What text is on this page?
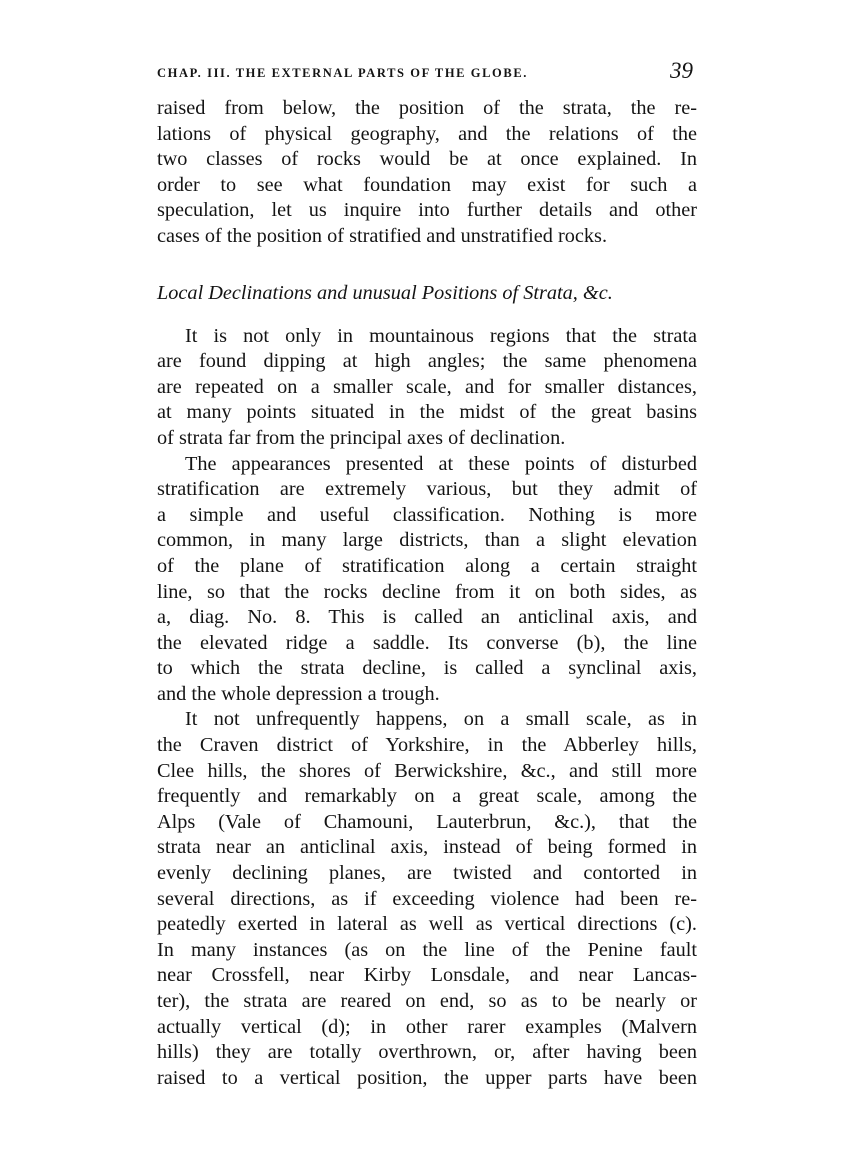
CHAP. III. THE EXTERNAL PARTS OF THE GLOBE.	39
raised from below, the position of the strata, the re-
lations of physical geography, and the relations of the
two classes of rocks would be at once explained. In
order to see what foundation may exist for such a
speculation, let us inquire into further details and other
cases of the position of stratified and unstratified rocks.
Local Declinations and unusual Positions of Strata, &c.
It is not only in mountainous regions that the strata
are found dipping at high angles; the same phenomena
are repeated on a smaller scale, and for smaller distances,
at many points situated in the midst of the great basins
of strata far from the principal axes of declination.
The appearances presented at these points of disturbed
stratification are extremely various, but they admit of
a simple and useful classification. Nothing is more
common, in many large districts, than a slight elevation
of the plane of stratification along a certain straight
line, so that the rocks decline from it on both sides, as
a, diag. No. 8. This is called an anticlinal axis, and
the elevated ridge a saddle. Its converse (b), the line
to which the strata decline, is called a synclinal axis,
and the whole depression a trough.
It not unfrequently happens, on a small scale, as in
the Craven district of Yorkshire, in the Abberley hills,
Clee hills, the shores of Berwickshire, &c., and still more
frequently and remarkably on a great scale, among the
Alps (Vale of Chamouni, Lauterbrun, &c.), that the
strata near an anticlinal axis, instead of being formed in
evenly declining planes, are twisted and contorted in
several directions, as if exceeding violence had been re-
peatedly exerted in lateral as well as vertical directions (c).
In many instances (as on the line of the Penine fault
near Crossfell, near Kirby Lonsdale, and near Lancas-
ter), the strata are reared on end, so as to be nearly or
actually vertical (d); in other rarer examples (Malvern
hills) they are totally overthrown, or, after having been
raised to a vertical position, the upper parts have been
